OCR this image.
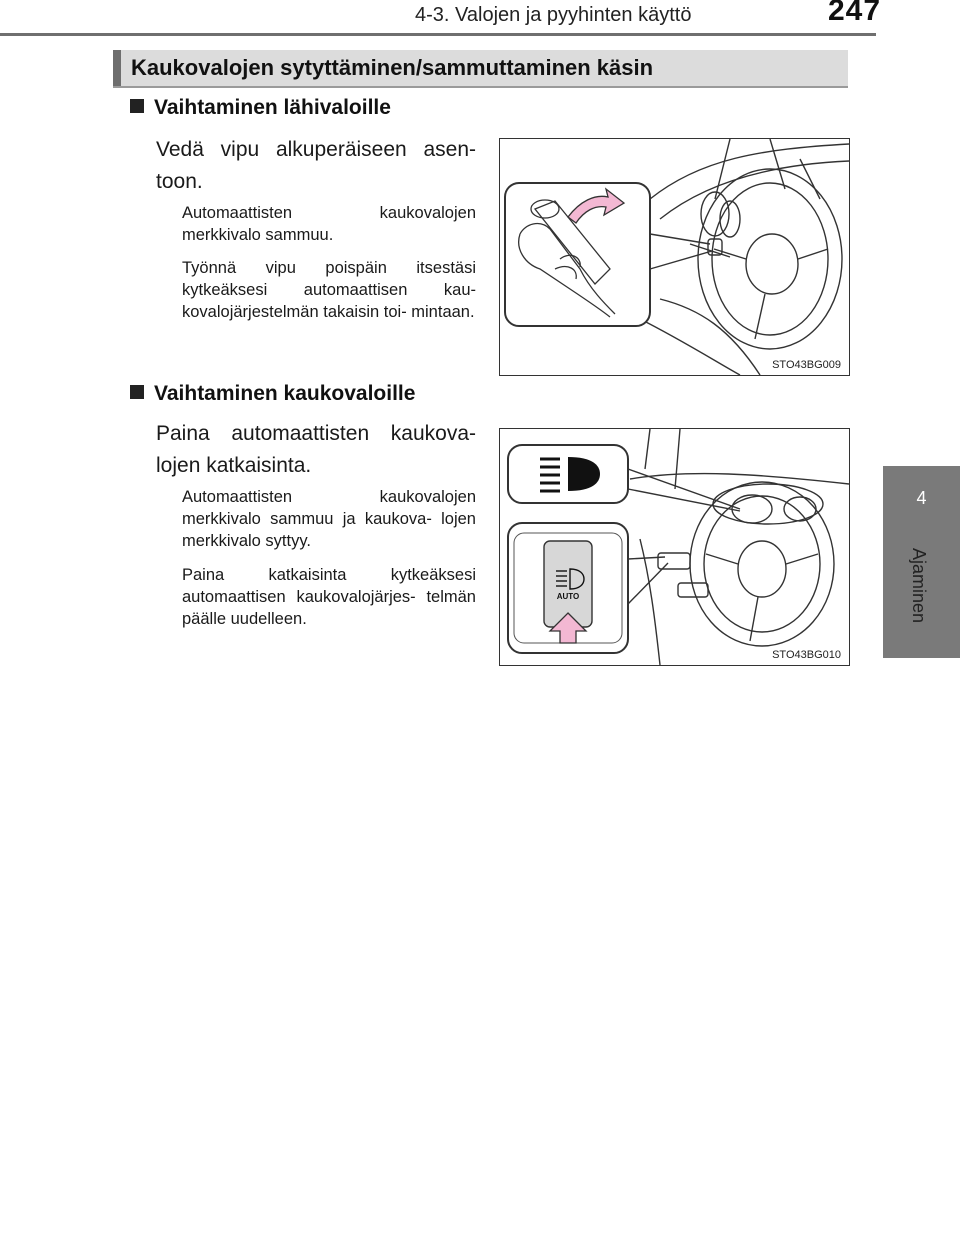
4-3. Valojen ja pyyhinten käyttö	247
4
Ajaminen
Kaukovalojen sytyttäminen/sammuttaminen käsin
Vaihtaminen lähivaloille
Vedä vipu alkuperäiseen asen- toon.
Automaattisten kaukovalojen merkkivalo sammuu.
Työnnä vipu poispäin itsestäsi kytkeäksesi automaattisen kau- kovalojärjestelmän takaisin toi- mintaan.
STO43BG009
Vaihtaminen kaukovaloille
Paina automaattisten kaukova- lojen katkaisinta.
Automaattisten kaukovalojen merkkivalo sammuu ja kaukova- lojen merkkivalo syttyy.
Paina katkaisinta kytkeäksesi automaattisen kaukovalojärjes- telmän päälle uudelleen.
AUTO
STO43BG010
